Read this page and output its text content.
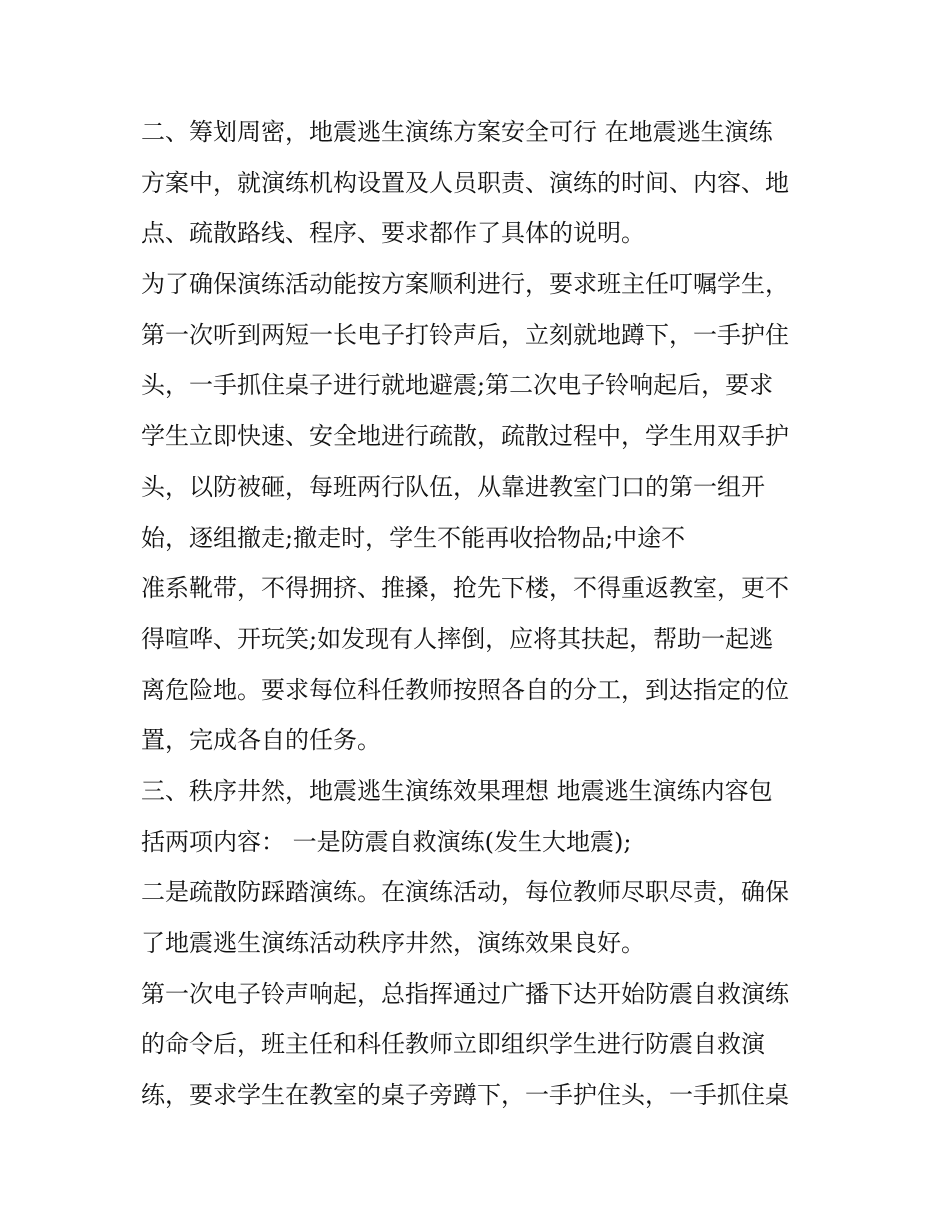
二、筹划周密，地震逃生演练方案安全可行 在地震逃生演练
方案中，就演练机构设置及人员职责、演练的时间、内容、地
点、疏散路线、程序、要求都作了具体的说明。
为了确保演练活动能按方案顺利进行，要求班主任叮嘱学生，
第一次听到两短一长电子打铃声后，立刻就地蹲下，一手护住
头，一手抓住桌子进行就地避震;第二次电子铃响起后，要求
学生立即快速、安全地进行疏散，疏散过程中，学生用双手护
头，以防被砸，每班两行队伍，从靠进教室门口的第一组开
始，逐组撤走;撤走时，学生不能再收拾物品;中途不
准系靴带，不得拥挤、推搡，抢先下楼，不得重返教室，更不
得喧哗、开玩笑;如发现有人摔倒，应将其扶起，帮助一起逃
离危险地。要求每位科任教师按照各自的分工，到达指定的位
置，完成各自的任务。
三、秩序井然，地震逃生演练效果理想 地震逃生演练内容包
括两项内容： 一是防震自救演练(发生大地震);
二是疏散防踩踏演练。在演练活动，每位教师尽职尽责，确保
了地震逃生演练活动秩序井然，演练效果良好。
第一次电子铃声响起，总指挥通过广播下达开始防震自救演练
的命令后，班主任和科任教师立即组织学生进行防震自救演
练，要求学生在教室的桌子旁蹲下，一手护住头，一手抓住桌
